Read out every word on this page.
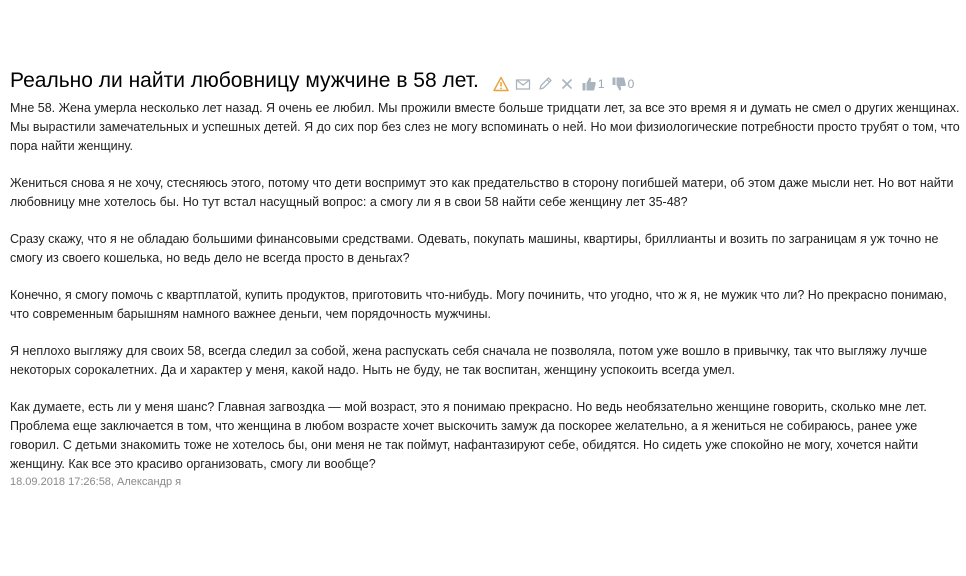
Реально ли найти любовницу мужчине в 58 лет.	1 0

Мне 58. Жена умерла несколько лет назад. Я очень ее любил. Мы прожили вместе больше тридцати лет, за все это время я и думать не смел о других женщинах. Мы вырастили замечательных и успешных детей. Я до сих пор без слез не могу вспоминать о ней. Но мои физиологические потребности просто трубят о том, что пора найти женщину.

Жениться снова я не хочу, стесняюсь этого, потому что дети воспримут это как предательство в сторону погибшей матери, об этом даже мысли нет. Но вот найти любовницу мне хотелось бы. Но тут встал насущный вопрос: а смогу ли я в свои 58 найти себе женщину лет 35-48?

Сразу скажу, что я не обладаю большими финансовыми средствами. Одевать, покупать машины, квартиры, бриллианты и возить по заграницам я уж точно не смогу из своего кошелька, но ведь дело не всегда просто в деньгах?

Конечно, я смогу помочь с квартплатой, купить продуктов, приготовить что-нибудь. Могу починить, что угодно, что ж я, не мужик что ли? Но прекрасно понимаю, что современным барышням намного важнее деньги, чем порядочность мужчины.

Я неплохо выгляжу для своих 58, всегда следил за собой, жена распускать себя сначала не позволяла, потом уже вошло в привычку, так что выгляжу лучше некоторых сорокалетних. Да и характер у меня, какой надо. Ныть не буду, не так воспитан, женщину успокоить всегда умел.

Как думаете, есть ли у меня шанс? Главная загвоздка — мой возраст, это я понимаю прекрасно. Но ведь необязательно женщине говорить, сколько мне лет. Проблема еще заключается в том, что женщина в любом возрасте хочет выскочить замуж да поскорее желательно, а я жениться не собираюсь, ранее уже говорил. С детьми знакомить тоже не хотелось бы, они меня не так поймут, нафантазируют себе, обидятся. Но сидеть уже спокойно не могу, хочется найти женщину. Как все это красиво организовать, смогу ли вообще?

18.09.2018 17:26:58, Александр я
